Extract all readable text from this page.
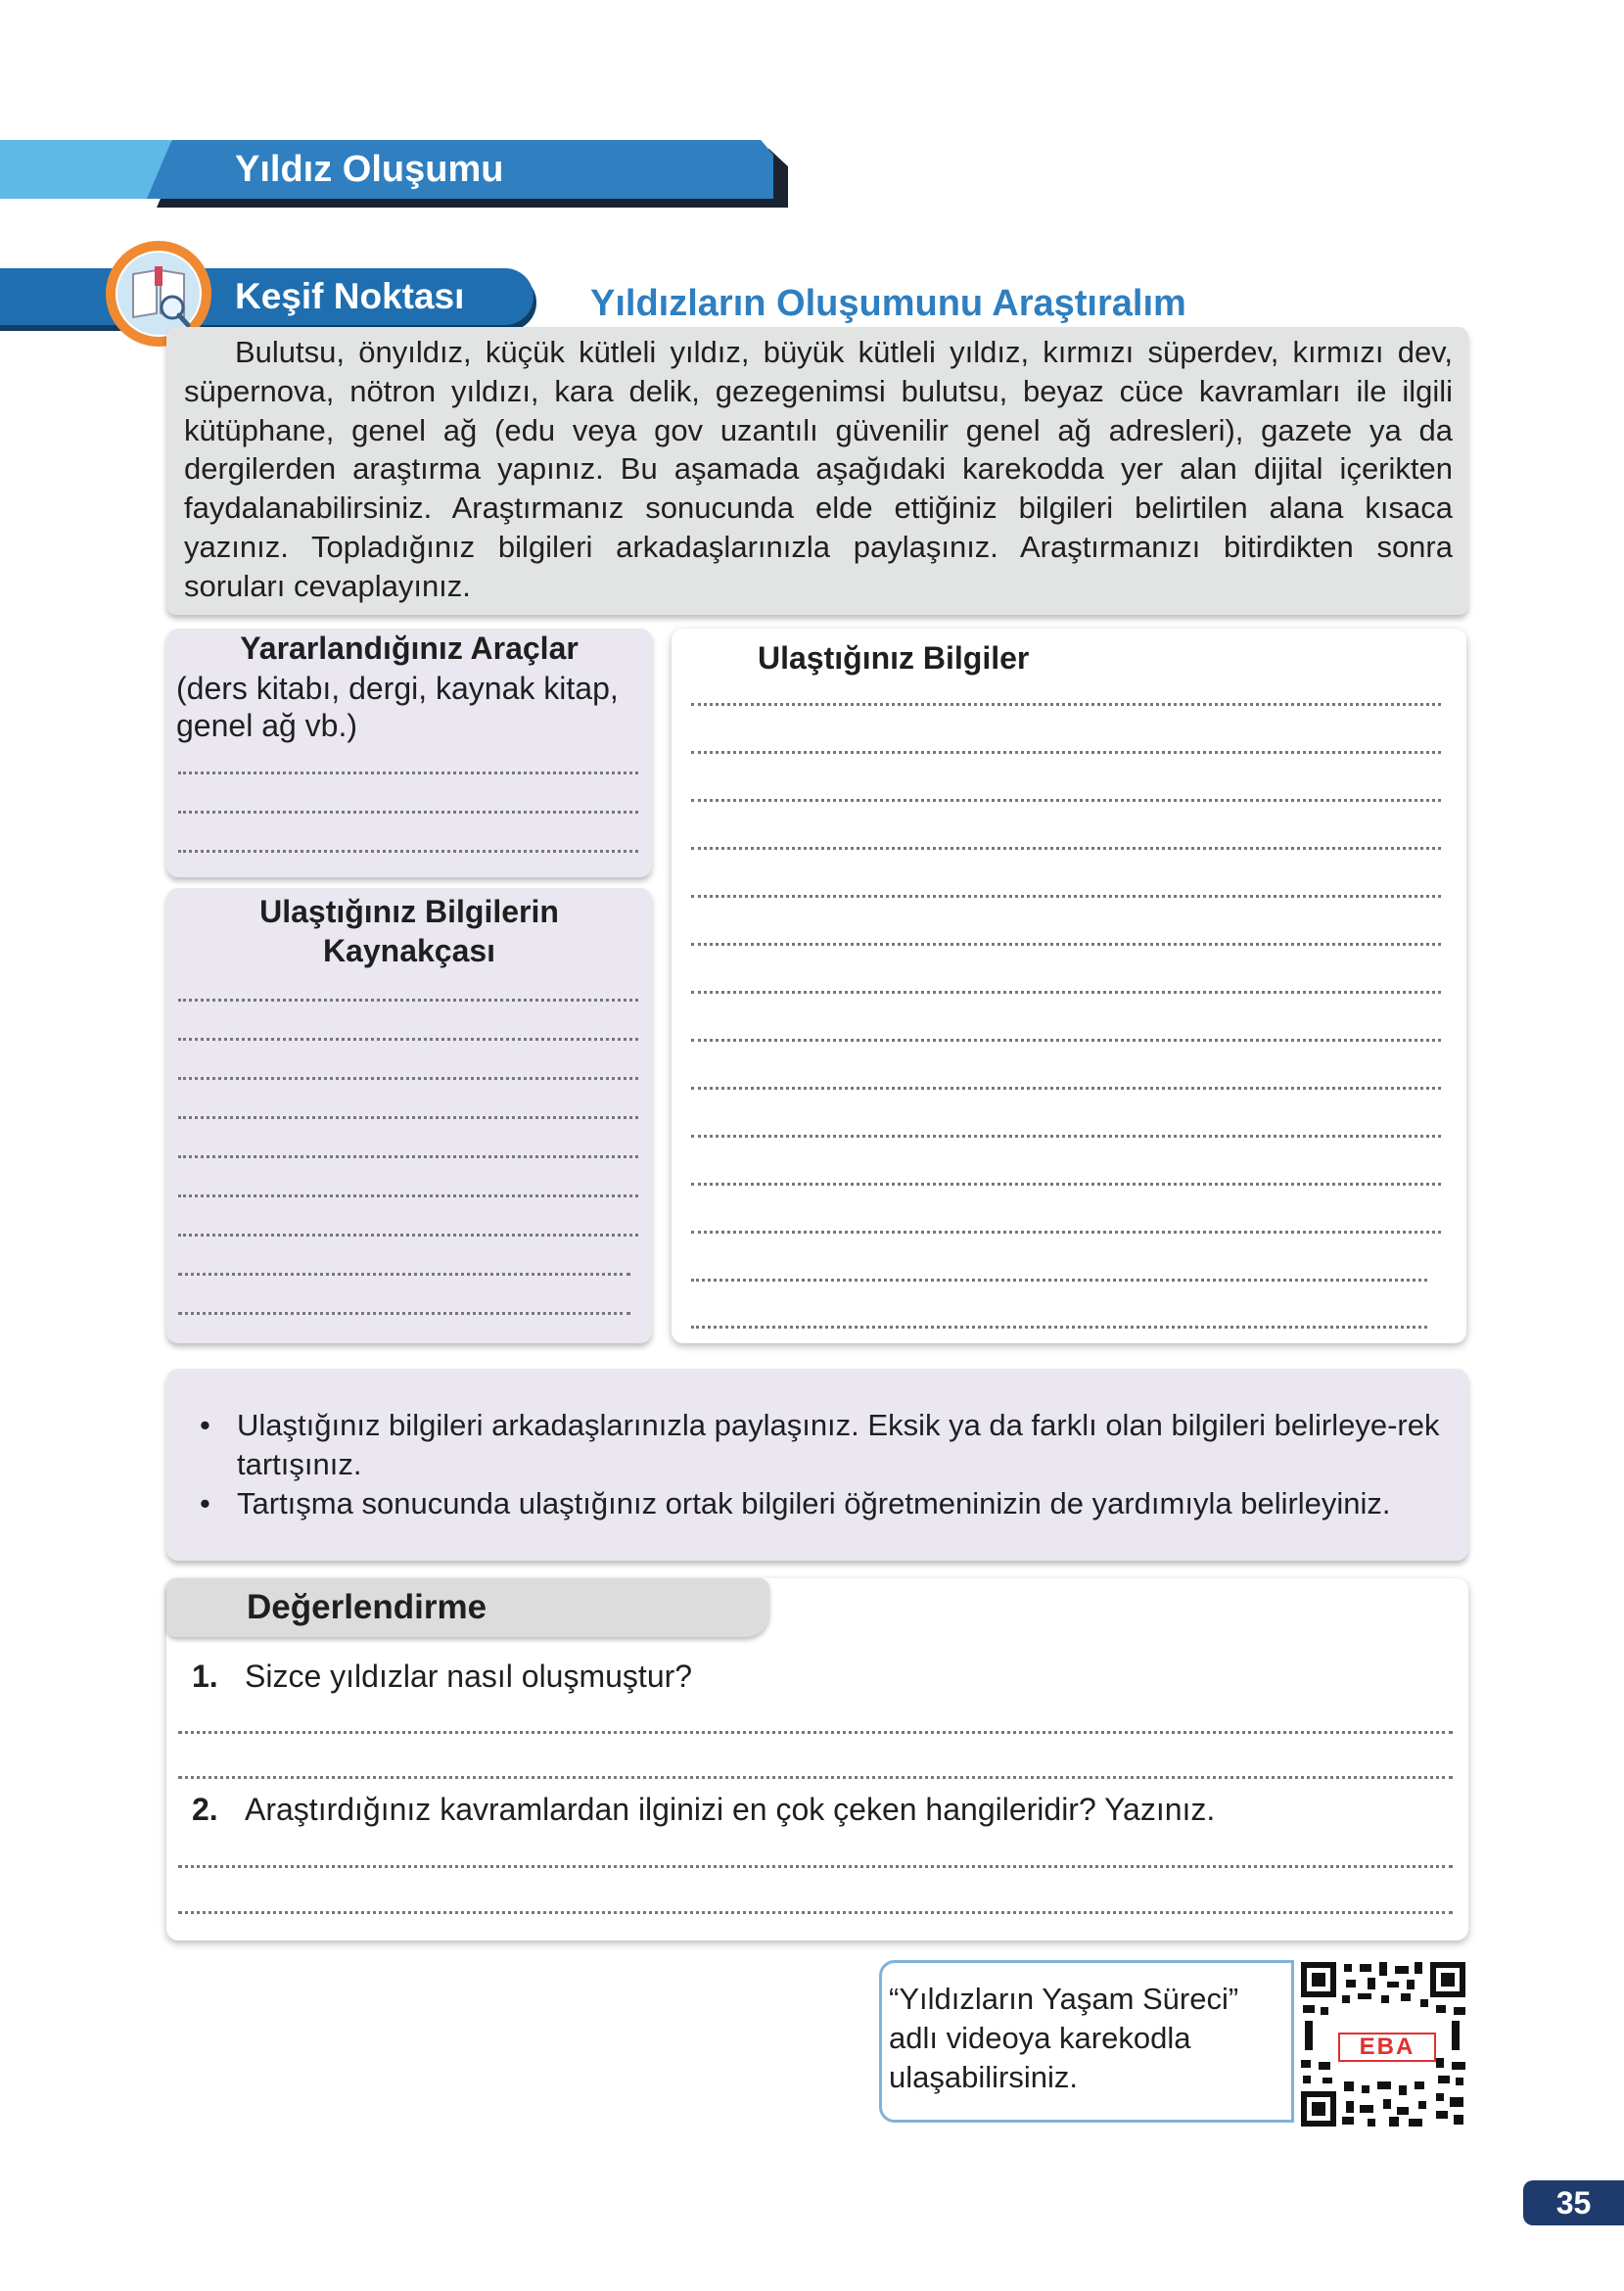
Yıldız Oluşumu
Keşif Noktası	Yıldızların Oluşumunu Araştıralım
Bulutsu, önyıldız, küçük kütleli yıldız, büyük kütleli yıldız, kırmızı süperdev, kırmızı dev, süpernova, nötron yıldızı, kara delik, gezegenimsi bulutsu, beyaz cüce kavramları ile ilgili kütüphane, genel ağ (edu veya gov uzantılı güvenilir genel ağ adresleri), gazete ya da dergilerden araştırma yapınız. Bu aşamada aşağıdaki karekodda yer alan dijital içerikten faydalanabilirsiniz. Araştırmanız sonucunda elde ettiğiniz bilgileri belirtilen alana kısaca yazınız. Topladığınız bilgileri arkadaşlarınızla paylaşınız. Araştırmanızı bitirdikten sonra soruları cevaplayınız.
Yararlandığınız Araçlar
(ders kitabı, dergi, kaynak kitap, genel ağ vb.)
Ulaştığınız Bilgilerin
Kaynakçası
Ulaştığınız Bilgiler
• Ulaştığınız bilgileri arkadaşlarınızla paylaşınız. Eksik ya da farklı olan bilgileri belirleye-rek tartışınız.
• Tartışma sonucunda ulaştığınız ortak bilgileri öğretmeninizin de yardımıyla belirleyiniz.
Değerlendirme
1. Sizce yıldızlar nasıl oluşmuştur?
2. Araştırdığınız kavramlardan ilginizi en çok çeken hangileridir? Yazınız.
“Yıldızların Yaşam Süreci” adlı videoya karekodla ulaşabilirsiniz.
EBA
35
